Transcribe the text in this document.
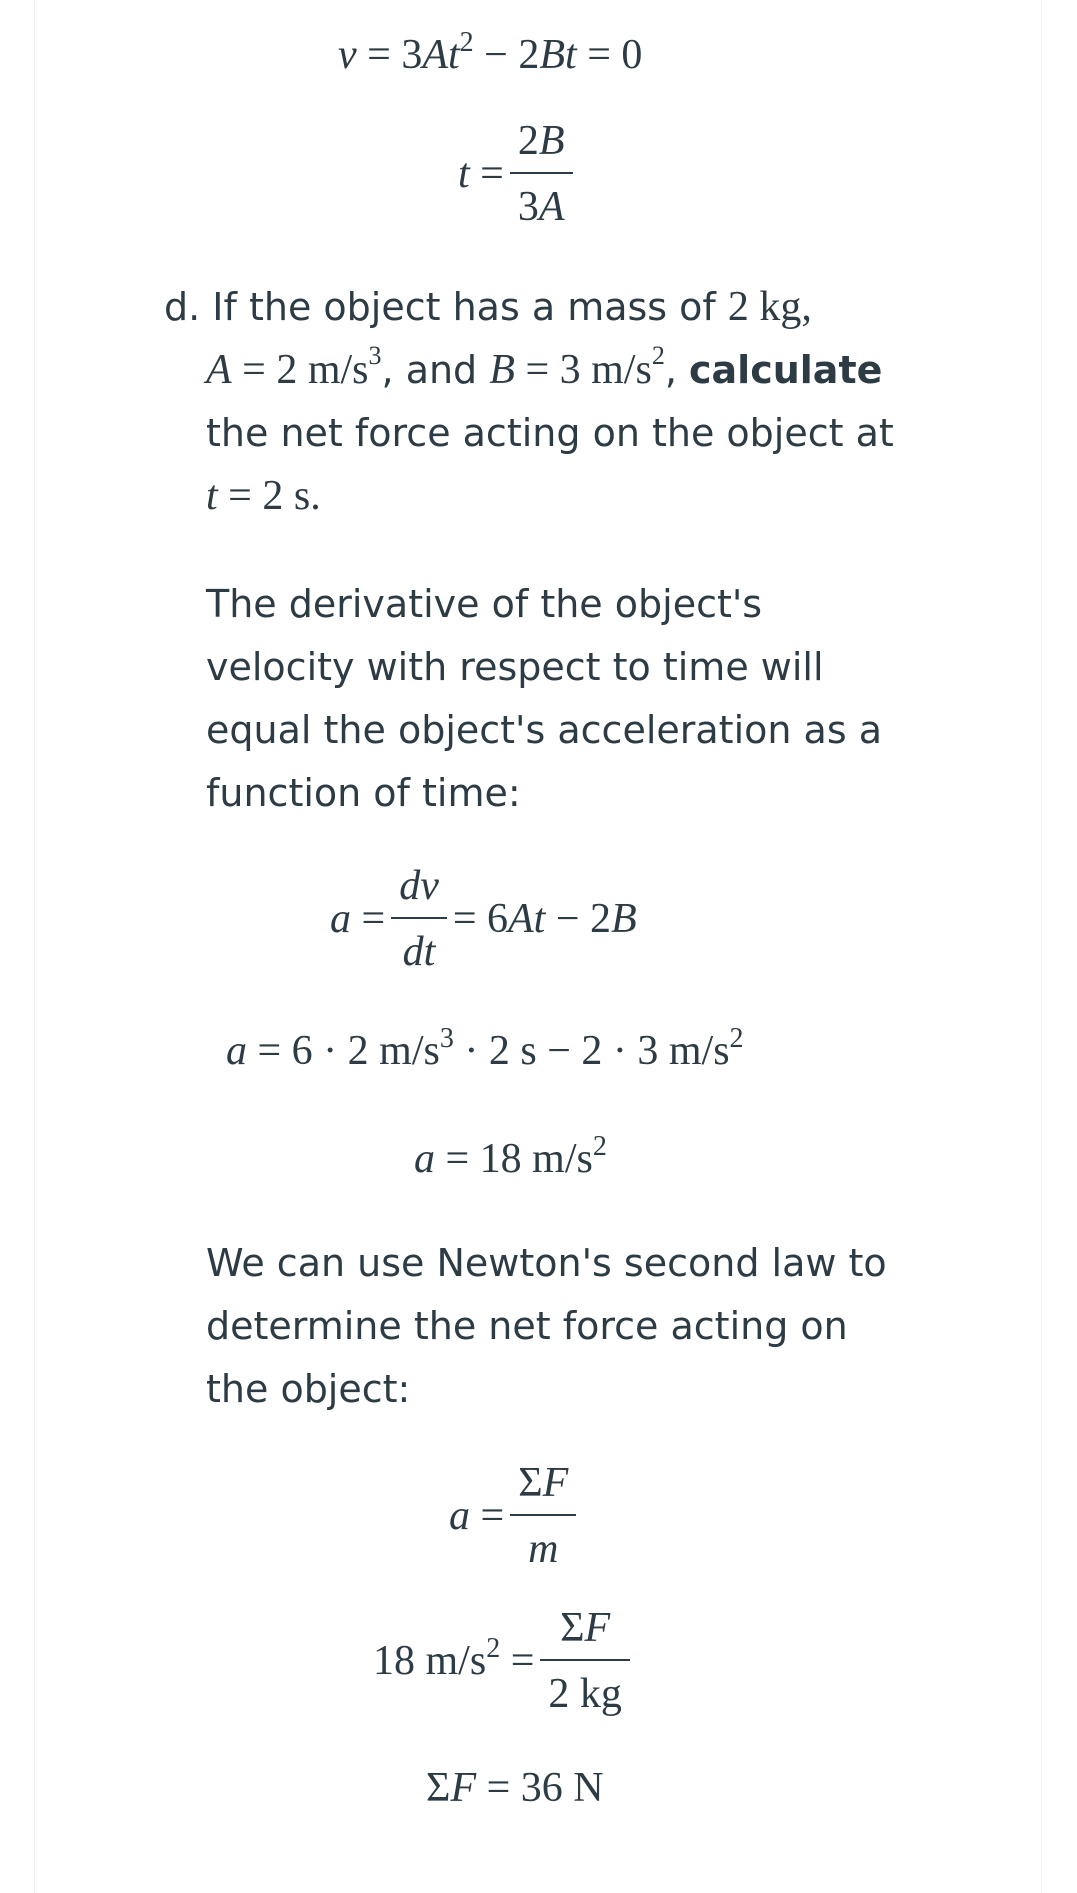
$v = 3At^2 - 2Bt = 0$
$t = \frac{2B}{3A}$
d. If the object has a mass of 2 kg,
A = 2 $m/s^3$, and B = 3 $m/s^2$, calculate
the net force acting on the object at
t = 2 s.
The derivative of the object's
velocity with respect to time will
equal the object's acceleration as a
function of time:
$a = \frac{dv}{dt} = 6At - 2B$
a = 6 · 2 $m/s^3 \cdot 2$ s − 2 · 3 $m/s^2$
a = 18 $m/s^2$
We can use Newton's second law to
determine the net force acting on
the object:
$a = \frac{\Sigma F}{m}$
18 $m/s^2 = \frac{\Sigma F}{2 kg}$
ΣF = 36 N
